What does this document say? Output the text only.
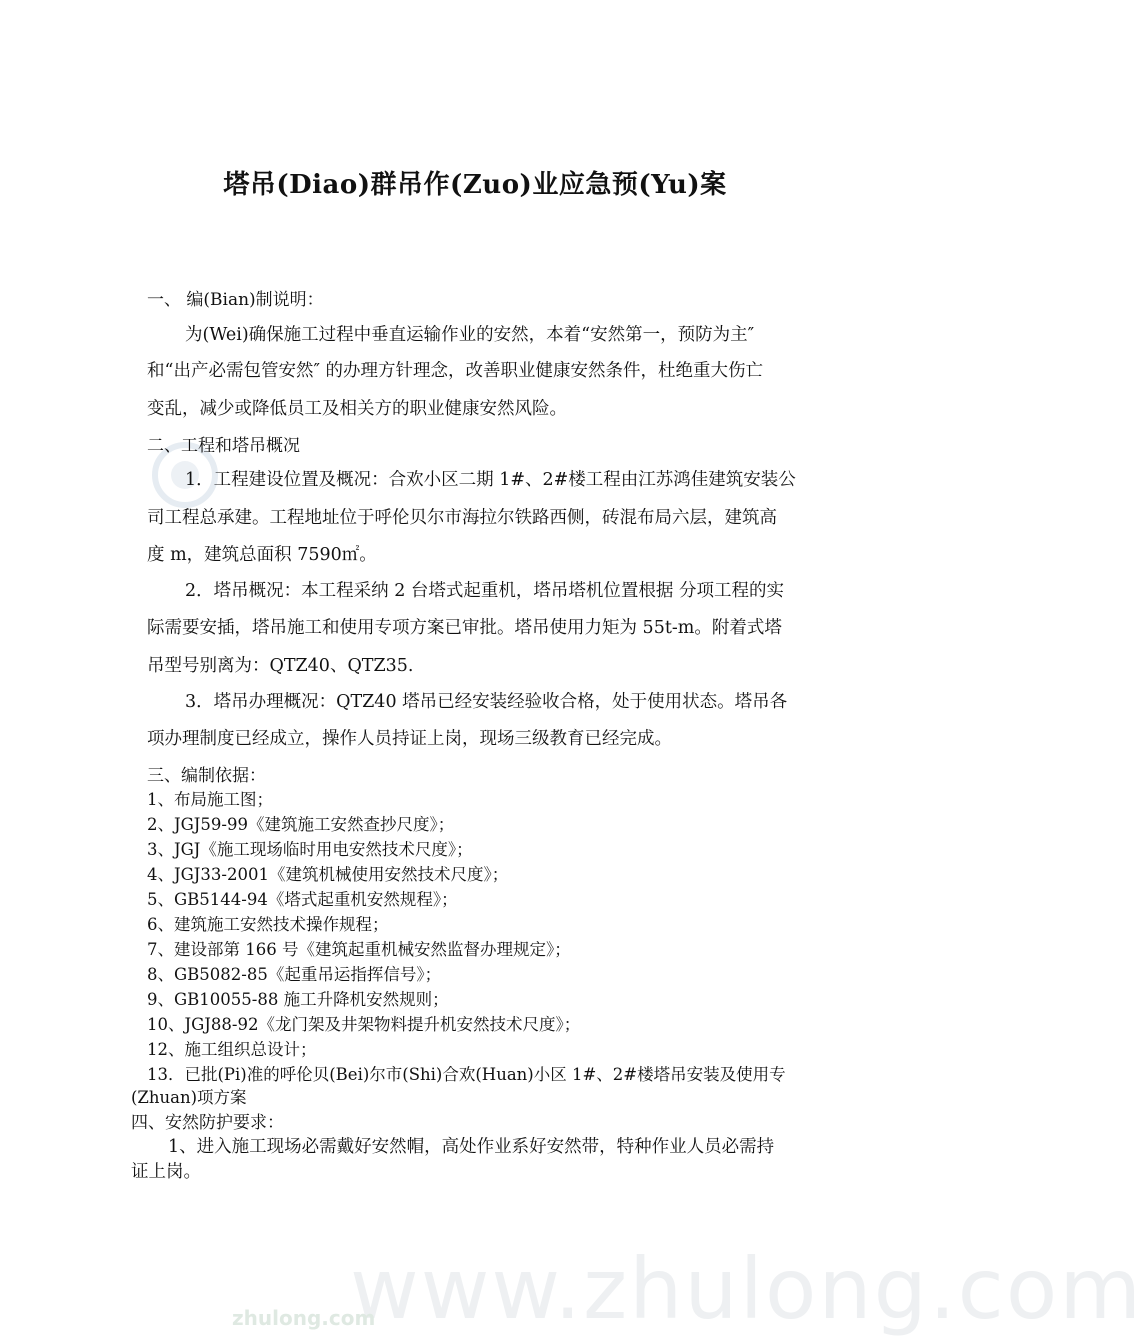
www.zhulong.com
zhulong.com
塔吊(Diao)群吊作(Zuo)业应急预(Yu)案
一、 编(Bian)制说明：
为(Wei)确保施工过程中垂直运输作业的安然，本着“安然第一，预防为主″
和“出产必需包管安然″ 的办理方针理念，改善职业健康安然条件，杜绝重大伤亡
变乱，减少或降低员工及相关方的职业健康安然风险。
二、工程和塔吊概况
1．工程建设位置及概况：合欢小区二期 1#、2#楼工程由江苏鸿佳建筑安装公
司工程总承建。工程地址位于呼伦贝尔市海拉尔铁路西侧，砖混布局六层，建筑高
度 m，建筑总面积 7590㎡。
2．塔吊概况：本工程采纳 2 台塔式起重机，塔吊塔机位置根据 分项工程的实
际需要安插，塔吊施工和使用专项方案已审批。塔吊使用力矩为 55t-m。附着式塔
吊型号别离为：QTZ40、QTZ35.
3．塔吊办理概况：QTZ40 塔吊已经安装经验收合格，处于使用状态。塔吊各
项办理制度已经成立，操作人员持证上岗，现场三级教育已经完成。
三、编制依据：
1、布局施工图；
2、JGJ59-99《建筑施工安然查抄尺度》；
3、JGJ《施工现场临时用电安然技术尺度》；
4、JGJ33-2001《建筑机械使用安然技术尺度》；
5、GB5144-94《塔式起重机安然规程》；
6、建筑施工安然技术操作规程；
7、建设部第 166 号《建筑起重机械安然监督办理规定》；
8、GB5082-85《起重吊运指挥信号》；
9、GB10055-88 施工升降机安然规则；
10、JGJ88-92《龙门架及井架物料提升机安然技术尺度》；
12、施工组织总设计；
13．已批(Pi)准的呼伦贝(Bei)尔市(Shi)合欢(Huan)小区 1#、2#楼塔吊安装及使用专
(Zhuan)项方案
四、安然防护要求：
1、进入施工现场必需戴好安然帽，高处作业系好安然带，特种作业人员必需持
证上岗。
